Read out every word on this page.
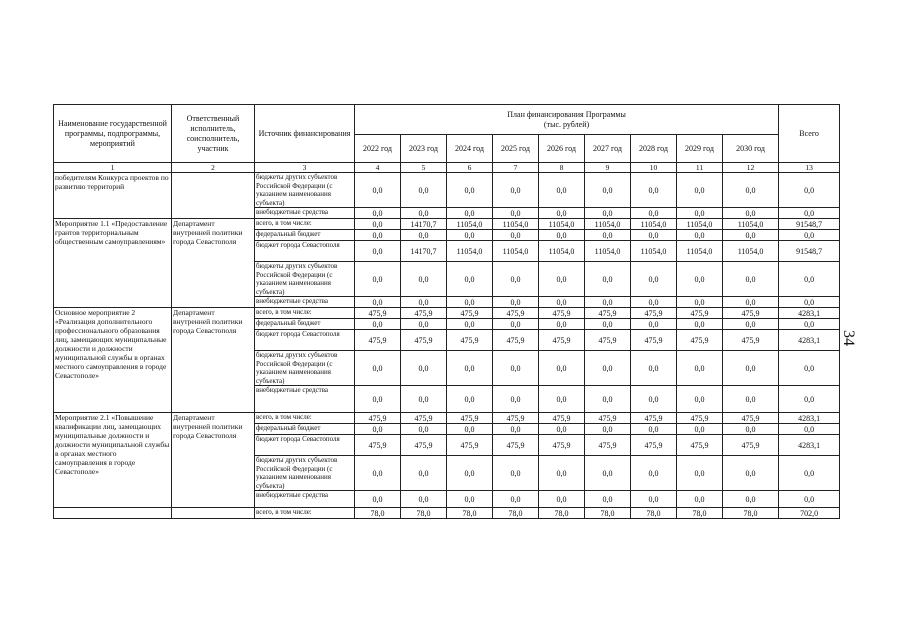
Наименование государственной программы, подпрограммы, мероприятий	Ответственный исполнитель, соисполнитель, участник	Источник финансирования	План финансирования Программы
(тыс. рублей)									Всего
			2022 год	2023 год	2024 год	2025 год	2026 год	2027 год	2028 год	2029 год	2030 год	
1	2	3	4	5	6	7	8	9	10	11	12	13
победителям Конкурса проектов по развитию территорий		бюджеты других субъектов Российской Федерации (с указанием наименования субъекта)	0,0	0,0	0,0	0,0	0,0	0,0	0,0	0,0	0,0	0,0
		внебюджетные средства	0,0	0,0	0,0	0,0	0,0	0,0	0,0	0,0	0,0	0,0
Мероприятие 1.1 «Предоставление грантов территориальным общественным самоуправлениям»	Департамент внутренней политики города Севастополя	всего, в том числе:	0,0	14170,7	11054,0	11054,0	11054,0	11054,0	11054,0	11054,0	11054,0	91548,7
		федеральный бюджет	0,0	0,0	0,0	0,0	0,0	0,0	0,0	0,0	0,0	0,0
		бюджет города Севастополя	0,0	14170,7	11054,0	11054,0	11054,0	11054,0	11054,0	11054,0	11054,0	91548,7
		бюджеты других субъектов Российской Федерации (с указанием наименования субъекта)	0,0	0,0	0,0	0,0	0,0	0,0	0,0	0,0	0,0	0,0
		внебюджетные средства	0,0	0,0	0,0	0,0	0,0	0,0	0,0	0,0	0,0	0,0
Основное мероприятие 2 «Реализация дополнительного профессионального образования лиц, замещающих муниципальные должности и должности муниципальной службы в органах местного самоуправления в городе Севастополе»	Департамент внутренней политики города Севастополя	всего, в том числе:	475,9	475,9	475,9	475,9	475,9	475,9	475,9	475,9	475,9	4283,1
		федеральный бюджет	0,0	0,0	0,0	0,0	0,0	0,0	0,0	0,0	0,0	0,0
		бюджет города Севастополя	475,9	475,9	475,9	475,9	475,9	475,9	475,9	475,9	475,9	4283,1
		бюджеты других субъектов Российской Федерации (с указанием наименования субъекта)	0,0	0,0	0,0	0,0	0,0	0,0	0,0	0,0	0,0	0,0
		внебюджетные средства	0,0	0,0	0,0	0,0	0,0	0,0	0,0	0,0	0,0	0,0
Мероприятие 2.1 «Повышение квалификации лиц, замещающих муниципальные должности и должности муниципальной службы в органах местного самоуправления в городе Севастополе»	Департамент внутренней политики города Севастополя	всего, в том числе:	475,9	475,9	475,9	475,9	475,9	475,9	475,9	475,9	475,9	4283,1
		федеральный бюджет	0,0	0,0	0,0	0,0	0,0	0,0	0,0	0,0	0,0	0,0
		бюджет города Севастополя	475,9	475,9	475,9	475,9	475,9	475,9	475,9	475,9	475,9	4283,1
		бюджеты других субъектов Российской Федерации (с указанием наименования субъекта)	0,0	0,0	0,0	0,0	0,0	0,0	0,0	0,0	0,0	0,0
		внебюджетные средства	0,0	0,0	0,0	0,0	0,0	0,0	0,0	0,0	0,0	0,0
		всего, в том числе:	78,0	78,0	78,0	78,0	78,0	78,0	78,0	78,0	78,0	702,0
34
